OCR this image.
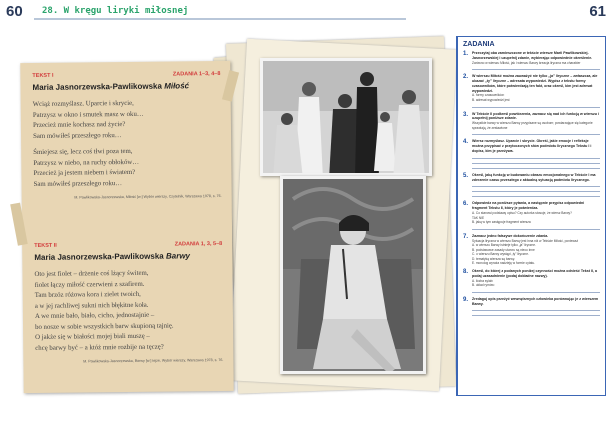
60 28. W kręgu liryki miłosnej	61
TEKST I	ZADANIA 1–3, 4–8
Maria Jasnorzewska-Pawlikowska Miłość
Wciąż rozmyślasz. Uparcie i skrycie,
Patrzysz w okno i smutek masz w oku…
Przecież mnie kochasz nad życie?
Sam mówiłeś przeszłego roku…
Śmiejesz się, lecz coś tłwi poza tem,
Patrzysz w niebo, na ruchy obłoków…
Przecież ja jestem niebem i światem?
Sam mówiłeś przeszłego roku…
M. Pawlikowska-Jasnorzewska, Miłość [w:] Wybór wierszy, Czytelnik, Warszawa 1978, s. 76.
TEKST II	ZADANIA 1, 3, 5–8
Maria Jasnorzewska-Pawlikowska Barwy
Oto jest fiolet – drżenie coś lżący świtem,
fiolet łączy miłość czerwieni z szafirem.
Tam brzóz różowa kora i zielet twoich,
a w jej rachliwej sukni nich błękitne koła.
A we mnie bało, biało, cicho, jednostajnie –
bo nosze w sobie wszystkich barw skupioną tajnię.
O jakże się w białości mojej biali muszę –
chcę barwy być – a któż mnie rozbije na tęczę?
M. Pawlikowska-Jasnorzewska, Barwy [w:] tejże, Wybór wierszy, Warszawa 1978, s. 76.
ZADANIA
1.	Przeczytaj oba zamieszczone w tekście wiersze Marii Pawlikowskiej-Jasnorzewskiej i uzupełnij zdanie, wybierając odpowiednie określenie.
Zarówno w wierszu Miłość, jak i wierszu Barwy kreacja liryczna ma charakter
2.	W wierszu Miłość można zauważyć nie tylko „ja” liryczne – zwłaszcza, ale ukazać „ty” liryczne – adresata wypowiedzi. Wypisz z tekstu formy czasowników, które potwierdzają ten fakt, oraz określ, kim jest adresat wypowiedzi.
A. formy czasowników:
B. adresat wypowiedzi jest
3.	W Tekście II podkreśl powtórzenia, zaznacz się nad ich funkcją w wierszu i uzupełnij poniższe zdanie.
Wszystkie barwy w wierszu Barwy przypisane są osobom; powtarzające się kategorie sprawiają, że zestawione
4.	Wiersz rozmyślasz. Uparcie i skrycie. Określ, jakie emocje i refleksje można przypisać z przytoczonych słów podmiotu lirycznego Tekstu I i dopisz, kim je przeżywa.
5.	Określ, jaką funkcję w budowaniu obrazu emocjonalnego w Tekście I ma zderzenie czasu przeszłego z aktualną sytuacją podmiotu lirycznego.
6.	Odpowiedz na poniższe pytania, a następnie przypisz odpowiedni fragment Tekstu II, który je potwierdza.
A. Co stanowi podstawę opisu? Czy autorka stosuje, że wiersz Barwy?
TAK NIE
B. jaką w tym zastępuje fragment wiersza
7.	Zaznacz jedno fałszywe dokończenie zdania.
Sytuacja liryczna w wierszu Barwy jest inna niż w Tekście Miłość, ponieważ
A. w wierszu Barwy istnieje tylko „ja” liryczne.
B. podstawowe zasady utworu są nieco inne
C. o wierszu Barwy wystąpi „ty” liryczne.
D. tematyką wiersza są barwy.
E. monolog wyraża nadzieję w formie cytatu.
8.	Określ, do której z podanych poniżej czynności można odnieść Tekst II, a podaj uzasadnienie (podaj dokładne nazwy).
A. liczba sylab:
B. układ rymów:
9.	Zredaguj opis przeżyć wewnętrznych człowieka porównując je z wierszem Barwy.
